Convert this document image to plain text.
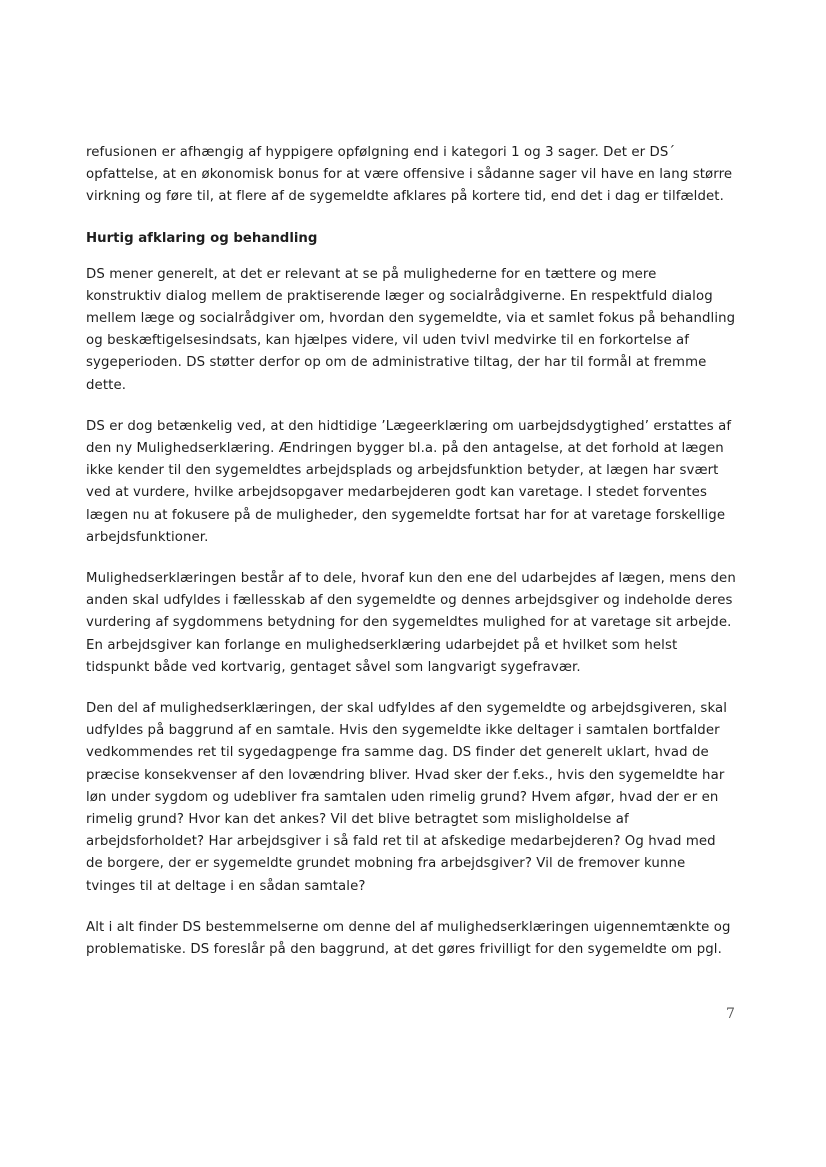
refusionen er afhængig af hyppigere opfølgning end i kategori 1 og 3 sager. Det er DS´ opfattelse, at en økonomisk bonus for at være offensive i sådanne sager vil have en lang større virkning og føre til, at flere af de sygemeldte afklares på kortere tid, end det i dag er tilfældet.

Hurtig afklaring og behandling

DS mener generelt, at det er relevant at se på mulighederne for en tættere og mere konstruktiv dialog mellem de praktiserende læger og socialrådgiverne. En respektfuld dialog mellem læge og socialrådgiver om, hvordan den sygemeldte, via et samlet fokus på behandling og beskæftigelsesindsats, kan hjælpes videre, vil uden tvivl medvirke til en forkortelse af sygeperioden. DS støtter derfor op om de administrative tiltag, der har til formål at fremme dette.

DS er dog betænkelig ved, at den hidtidige ’Lægeerklæring om uarbejdsdygtighed’ erstattes af den ny Mulighedserklæring. Ændringen bygger bl.a. på den antagelse, at det forhold at lægen ikke kender til den sygemeldtes arbejdsplads og arbejdsfunktion betyder, at lægen har svært ved at vurdere, hvilke arbejdsopgaver medarbejderen godt kan varetage. I stedet forventes lægen nu at fokusere på de muligheder, den sygemeldte fortsat har for at varetage forskellige arbejdsfunktioner.

Mulighedserklæringen består af to dele, hvoraf kun den ene del udarbejdes af lægen, mens den anden skal udfyldes i fællesskab af den sygemeldte og dennes arbejdsgiver og indeholde deres vurdering af sygdommens betydning for den sygemeldtes mulighed for at varetage sit arbejde. En arbejdsgiver kan forlange en mulighedserklæring udarbejdet på et hvilket som helst tidspunkt både ved kortvarig, gentaget såvel som langvarigt sygefravær.

Den del af mulighedserklæringen, der skal udfyldes af den sygemeldte og arbejdsgiveren, skal udfyldes på baggrund af en samtale. Hvis den sygemeldte ikke deltager i samtalen bortfalder vedkommendes ret til sygedagpenge fra samme dag. DS finder det generelt uklart, hvad de præcise konsekvenser af den lovændring bliver. Hvad sker der f.eks., hvis den sygemeldte har løn under sygdom og udebliver fra samtalen uden rimelig grund? Hvem afgør, hvad der er en rimelig grund? Hvor kan det ankes? Vil det blive betragtet som misligholdelse af arbejdsforholdet? Har arbejdsgiver i så fald ret til at afskedige medarbejderen? Og hvad med de borgere, der er sygemeldte grundet mobning fra arbejdsgiver? Vil de fremover kunne tvinges til at deltage i en sådan samtale?

Alt i alt finder DS bestemmelserne om denne del af mulighedserklæringen uigennemtænkte og problematiske. DS foreslår på den baggrund, at det gøres frivilligt for den sygemeldte om pgl.

7
